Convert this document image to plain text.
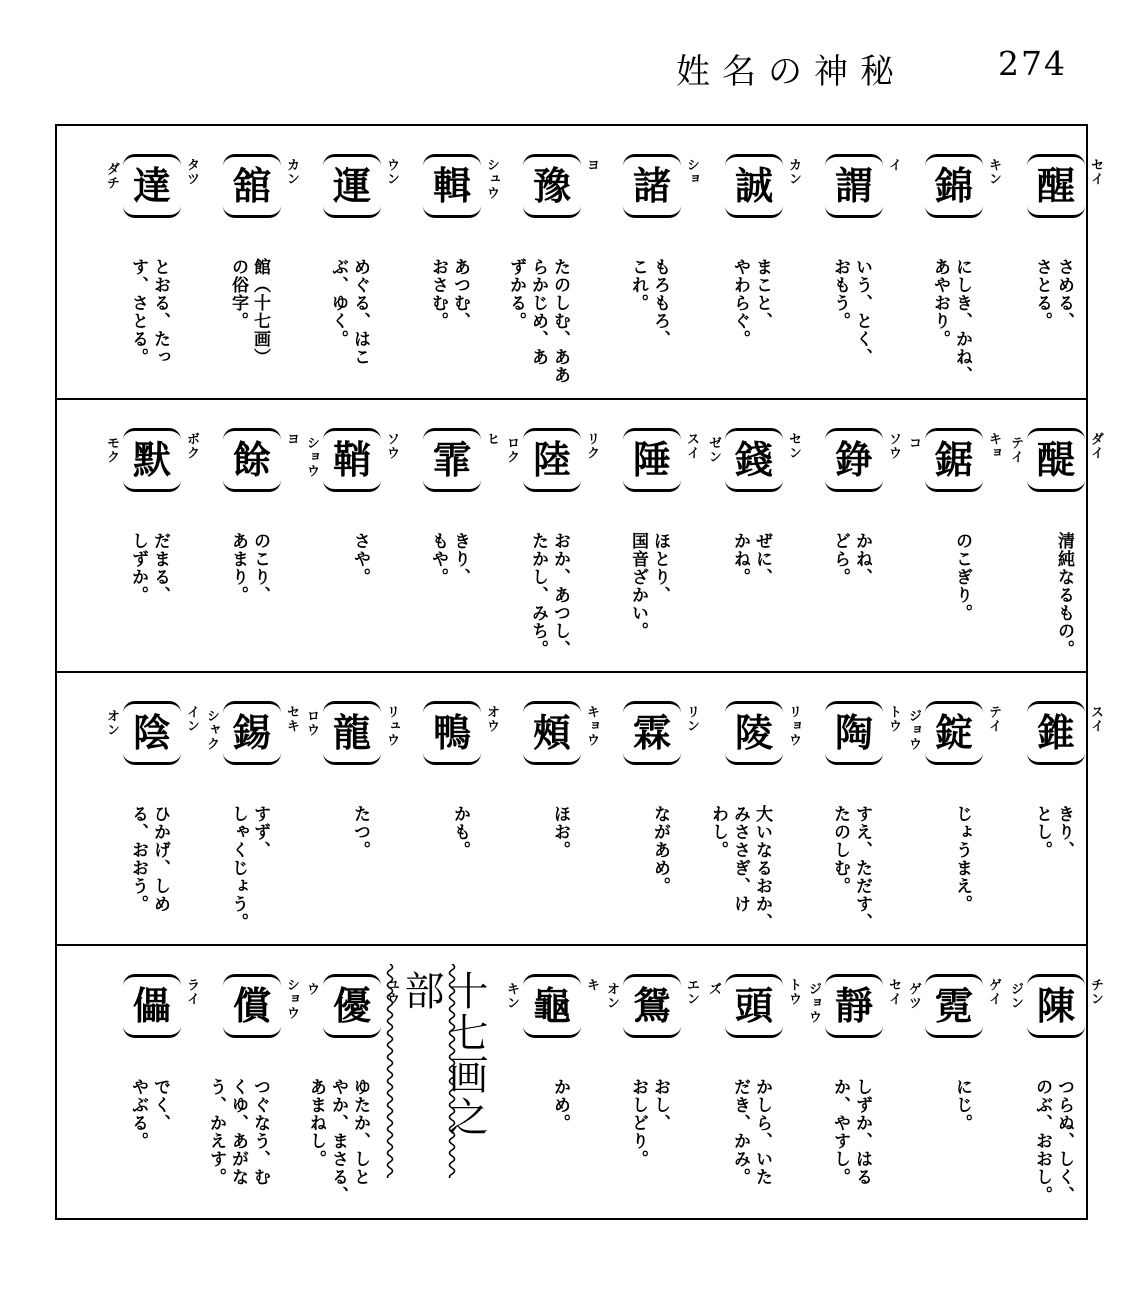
姓名の神秘	274
醒	セイ
さめる、
さとる。
錦	キン
にしき、かね、
あやおり。
謂	イ
いう、とく、
おもう。
誠	カン
まこと、
やわらぐ。
諸	ショ
もろもろ、
これ。
豫	ヨ
たのしむ、ああ
らかじめ、あ
ずかる。
輯	シュウ
あつむ、
おさむ。
運	ウン
めぐる、はこ
ぶ、ゆく。
舘	カン
館（十七画）
の俗字。
達	タツ
ダチ
とおる、たっ
す、さとる。
醍	ダイ
テイ
清純なるもの。
鋸	キョ
コ
のこぎり。
錚	ソウ
かね、
どら。
錢	セン
ゼン
ぜに、
かね。
陲	スイ
ほとり、
国音ざかい。
陸	リク
ロク
おか、あつし、
たかし、みち。
霏	ヒ
きり、
もや。
鞘	ソウ
ショウ
さや。
餘	ヨ
のこり、
あまり。
默	ボク
モク
だまる、
しずか。
錐	スイ
きり、
とし。
錠	テイ
ジョウ
じょうまえ。
陶	トウ
すえ、ただす、
たのしむ。
陵	リョウ
大いなるおか、
みささぎ、け
わし。
霖	リン
ながあめ。
頰	キョウ
ほお。
鴨	オウ
かも。
龍	リュウ
ロウ
たつ。
錫	セキ
シャク
すず、
しゃくじょう。
陰	イン
オン
ひかげ、しめ
る、おおう。
陳	チン
ジン
つらぬ、しく、
のぶ、おおし。
霓	ゲイ
ゲツ
にじ。
靜	セイ
ジョウ
しずか、はる
か、やすし。
頭	トウ
ズ
かしら、いた
だき、かみ。
鴛	エン
オン
おし、
おしどり。
龜	キ
キン
かめ。
優	ユウ
ウ
ゆたか、しと
やか、まさる、
あまねし。
償	ショウ
つぐなう、む
くゆ、あがな
う、かえす。
儡	ライ
でく、
やぶる。	十七画之部
